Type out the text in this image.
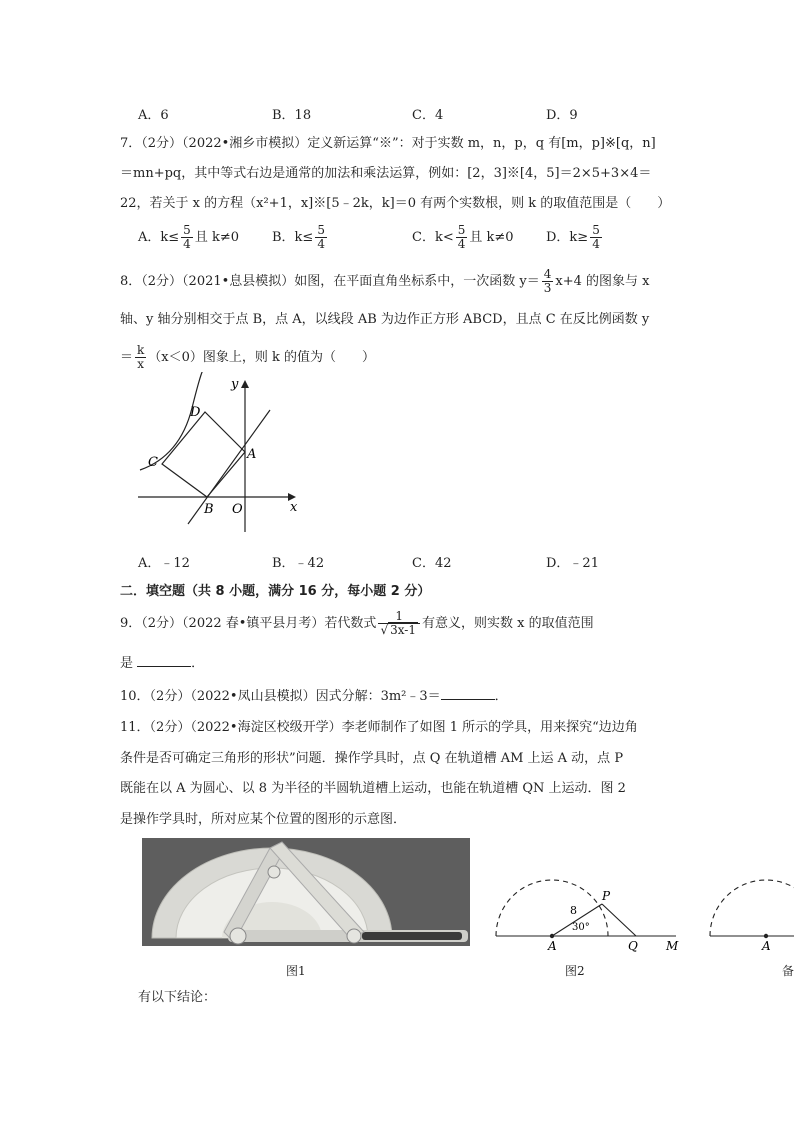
A．6	B．18	C．4	D．9
7．（2分）（2022•湘乡市模拟）定义新运算“※”：对于实数 m，n，p，q 有[m，p]※[q，n]
＝mn+pq，其中等式右边是通常的加法和乘法运算，例如：[2，3]※[4，5]＝2×5+3×4＝
22，若关于 x 的方程（x²+1，x]※[5﹣2k，k]＝0 有两个实数根，则 k 的取值范围是（　　）
A．$k\le \frac{5}{4}$ 且 k≠0	B．$k\le \frac{5}{4}$	C．$k< \frac{5}{4}$ 且 k≠0 D．$k\ge \frac{5}{4}$
8．（2分）（2021•息县模拟）如图，在平面直角坐标系中，一次函数 $y= \frac{4}{3} x+4$ 的图象与 x
轴、y 轴分别相交于点 B，点 A，以线段 AB 为边作正方形 ABCD，且点 C 在反比例函数 y
＝ $\frac{k}{x} (x<0)$图象上，则 k 的值为（　　）
y
x
D
C
A
B O
A．﹣12	B．﹣42	C．42	D．﹣21
二．填空题（共 8 小题，满分 16 分，每小题 2 分）
9．（2分）（2022 春•镇平县月考）若代数式 $\frac{1}{√ 3x-1}$ 有意义，则实数 x 的取值范围
是	．
10．（2分）（2022•凤山县模拟）因式分解：3m²﹣3＝	．
11．（2分）（2022•海淀区校级开学）李老师制作了如图 1 所示的学具，用来探究“边边角
条件是否可确定三角形的形状”问题．操作学具时，点 Q 在轨道槽 AM 上运 A 动，点 P
既能在以 A 为圆心、以 8 为半径的半圆轨道槽上运动，也能在轨道槽 QN 上运动．图 2
是操作学具时，所对应某个位置的图形的示意图．
图1
P
8
30°
A	Q M
图2
A
备
有以下结论：
